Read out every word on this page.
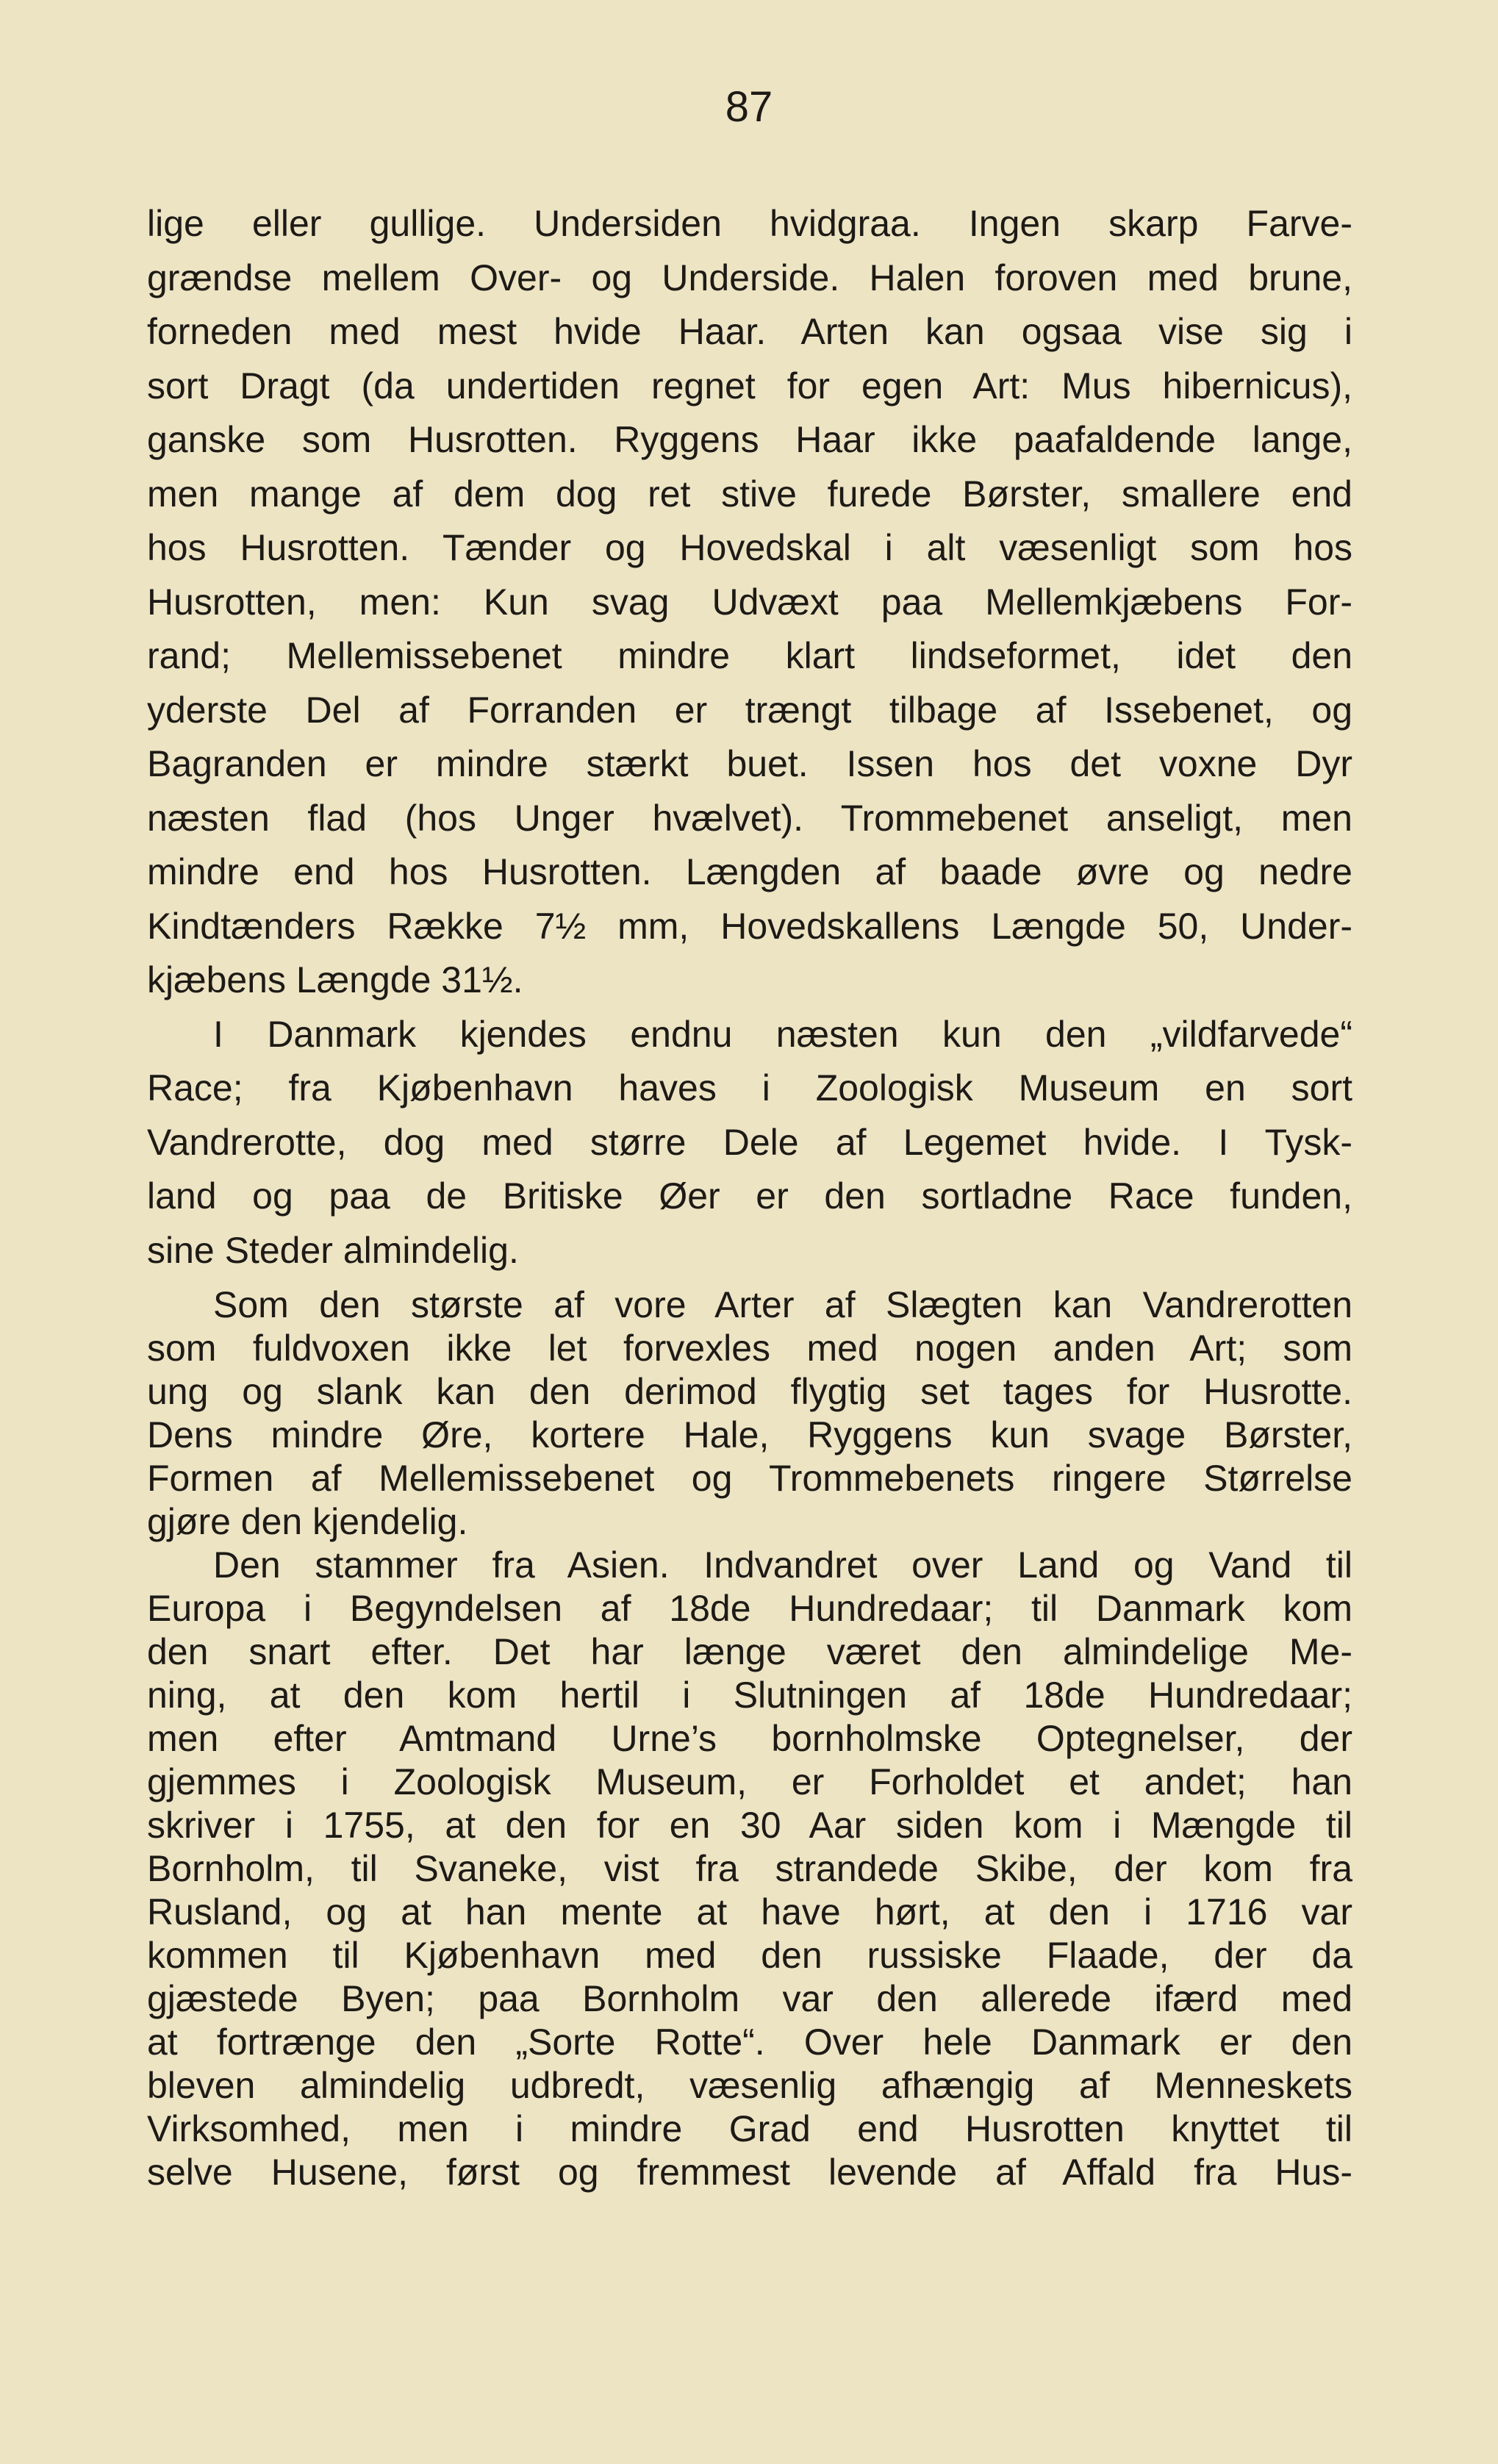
87
lige eller gullige. Undersiden hvidgraa. Ingen skarp Farve-
grændse mellem Over- og Underside. Halen foroven med brune,
forneden med mest hvide Haar. Arten kan ogsaa vise sig i
sort Dragt (da undertiden regnet for egen Art: Mus hibernicus),
ganske som Husrotten. Ryggens Haar ikke paafaldende lange,
men mange af dem dog ret stive furede Børster, smallere end
hos Husrotten. Tænder og Hovedskal i alt væsenligt som hos
Husrotten, men: Kun svag Udvæxt paa Mellemkjæbens For-
rand; Mellemissebenet mindre klart lindseformet, idet den
yderste Del af Forranden er trængt tilbage af Issebenet, og
Bagranden er mindre stærkt buet. Issen hos det voxne Dyr
næsten flad (hos Unger hvælvet). Trommebenet anseligt, men
mindre end hos Husrotten. Længden af baade øvre og nedre
Kindtænders Række 7½ mm, Hovedskallens Længde 50, Under-
kjæbens Længde 31½.
I Danmark kjendes endnu næsten kun den „vildfarvede“
Race; fra Kjøbenhavn haves i Zoologisk Museum en sort
Vandrerotte, dog med større Dele af Legemet hvide. I Tysk-
land og paa de Britiske Øer er den sortladne Race funden,
sine Steder almindelig.
Som den største af vore Arter af Slægten kan Vandrerotten
som fuldvoxen ikke let forvexles med nogen anden Art; som
ung og slank kan den derimod flygtig set tages for Husrotte.
Dens mindre Øre, kortere Hale, Ryggens kun svage Børster,
Formen af Mellemissebenet og Trommebenets ringere Størrelse
gjøre den kjendelig.
Den stammer fra Asien. Indvandret over Land og Vand til
Europa i Begyndelsen af 18de Hundredaar; til Danmark kom
den snart efter. Det har længe været den almindelige Me-
ning, at den kom hertil i Slutningen af 18de Hundredaar;
men efter Amtmand Urne’s bornholmske Optegnelser, der
gjemmes i Zoologisk Museum, er Forholdet et andet; han
skriver i 1755, at den for en 30 Aar siden kom i Mængde til
Bornholm, til Svaneke, vist fra strandede Skibe, der kom fra
Rusland, og at han mente at have hørt, at den i 1716 var
kommen til Kjøbenhavn med den russiske Flaade, der da
gjæstede Byen; paa Bornholm var den allerede ifærd med
at fortrænge den „Sorte Rotte“. Over hele Danmark er den
bleven almindelig udbredt, væsenlig afhængig af Menneskets
Virksomhed, men i mindre Grad end Husrotten knyttet til
selve Husene, først og fremmest levende af Affald fra Hus-
